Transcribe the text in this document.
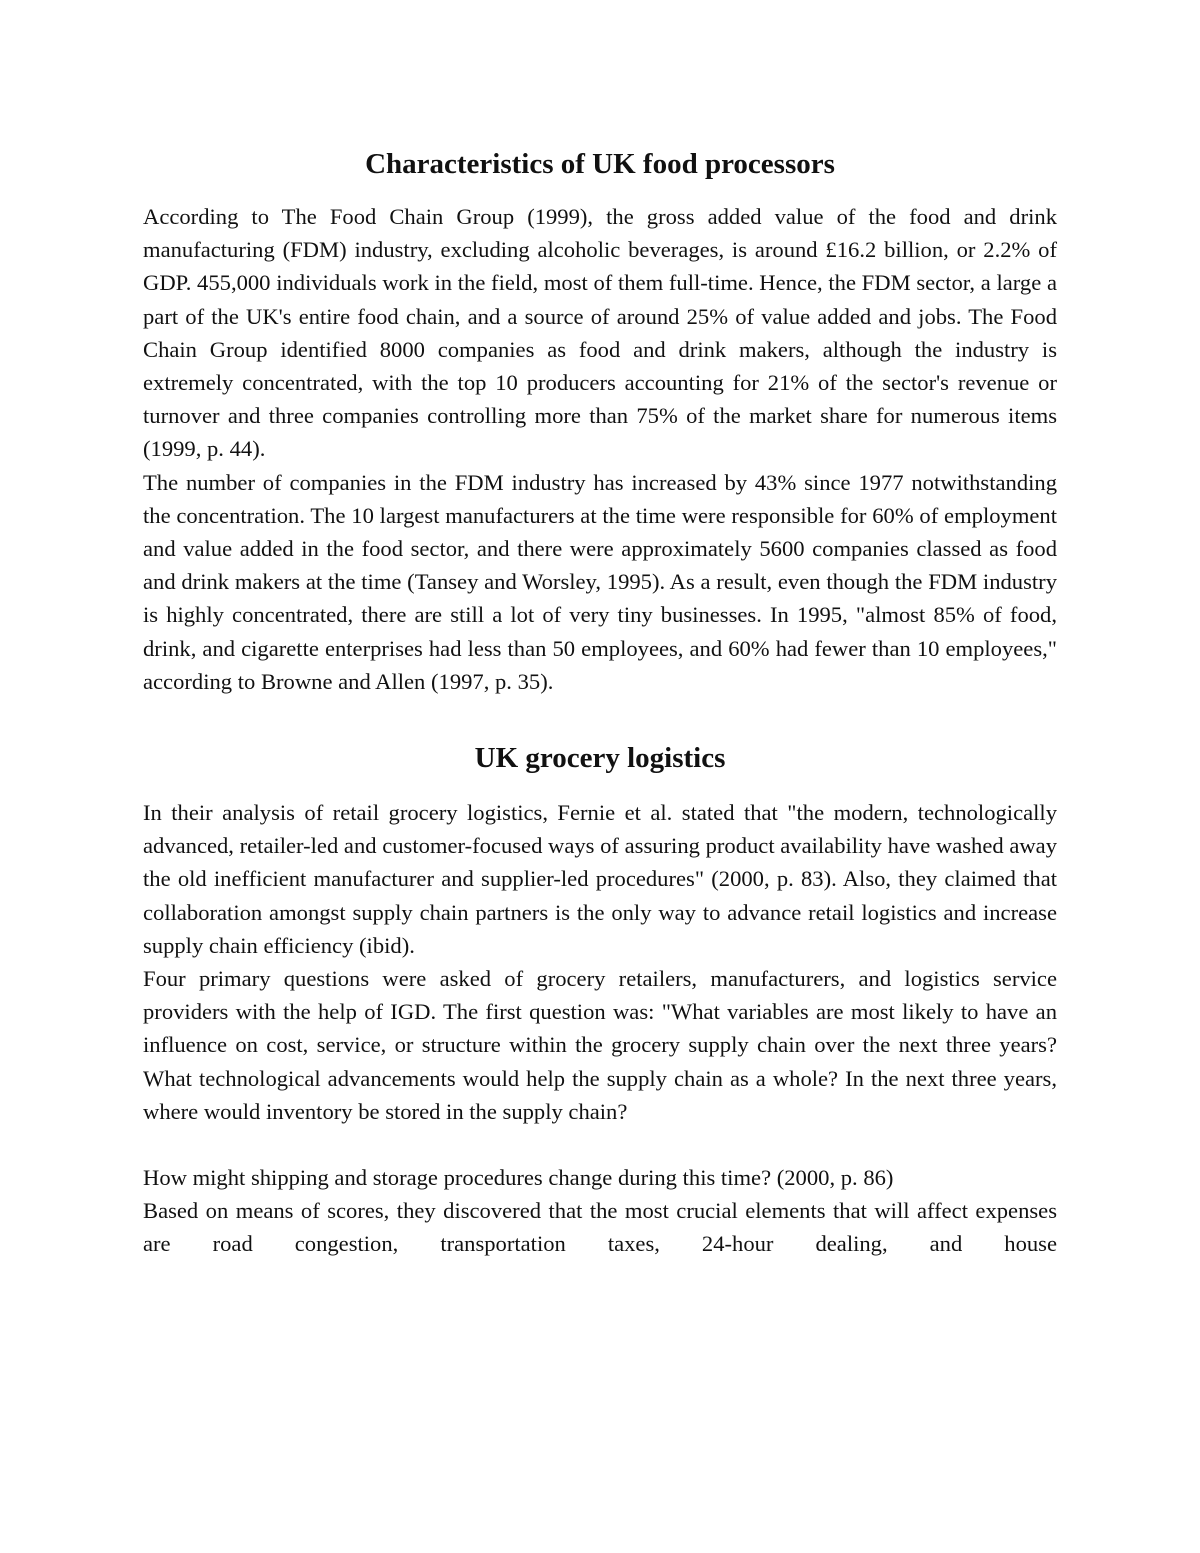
Characteristics of UK food processors

According to The Food Chain Group (1999), the gross added value of the food and drink manufacturing (FDM) industry, excluding alcoholic beverages, is around £16.2 billion, or 2.2% of GDP. 455,000 individuals work in the field, most of them full-time. Hence, the FDM sector, a large a part of the UK's entire food chain, and a source of around 25% of value added and jobs. The Food Chain Group identified 8000 companies as food and drink makers, although the industry is extremely concentrated, with the top 10 producers accounting for 21% of the sector's revenue or turnover and three companies controlling more than 75% of the market share for numerous items (1999, p. 44).

The number of companies in the FDM industry has increased by 43% since 1977 notwithstanding the concentration. The 10 largest manufacturers at the time were responsible for 60% of employment and value added in the food sector, and there were approximately 5600 companies classed as food and drink makers at the time (Tansey and Worsley, 1995). As a result, even though the FDM industry is highly concentrated, there are still a lot of very tiny businesses. In 1995, "almost 85% of food, drink, and cigarette enterprises had less than 50 employees, and 60% had fewer than 10 employees," according to Browne and Allen (1997, p. 35).

UK grocery logistics

In their analysis of retail grocery logistics, Fernie et al. stated that "the modern, technologically advanced, retailer-led and customer-focused ways of assuring product availability have washed away the old inefficient manufacturer and supplier-led procedures" (2000, p. 83). Also, they claimed that collaboration amongst supply chain partners is the only way to advance retail logistics and increase supply chain efficiency (ibid).

Four primary questions were asked of grocery retailers, manufacturers, and logistics service providers with the help of IGD. The first question was: "What variables are most likely to have an influence on cost, service, or structure within the grocery supply chain over the next three years? What technological advancements would help the supply chain as a whole? In the next three years, where would inventory be stored in the supply chain?

How might shipping and storage procedures change during this time? (2000, p. 86)

Based on means of scores, they discovered that the most crucial elements that will affect expenses are road congestion, transportation taxes, 24-hour dealing, and house
